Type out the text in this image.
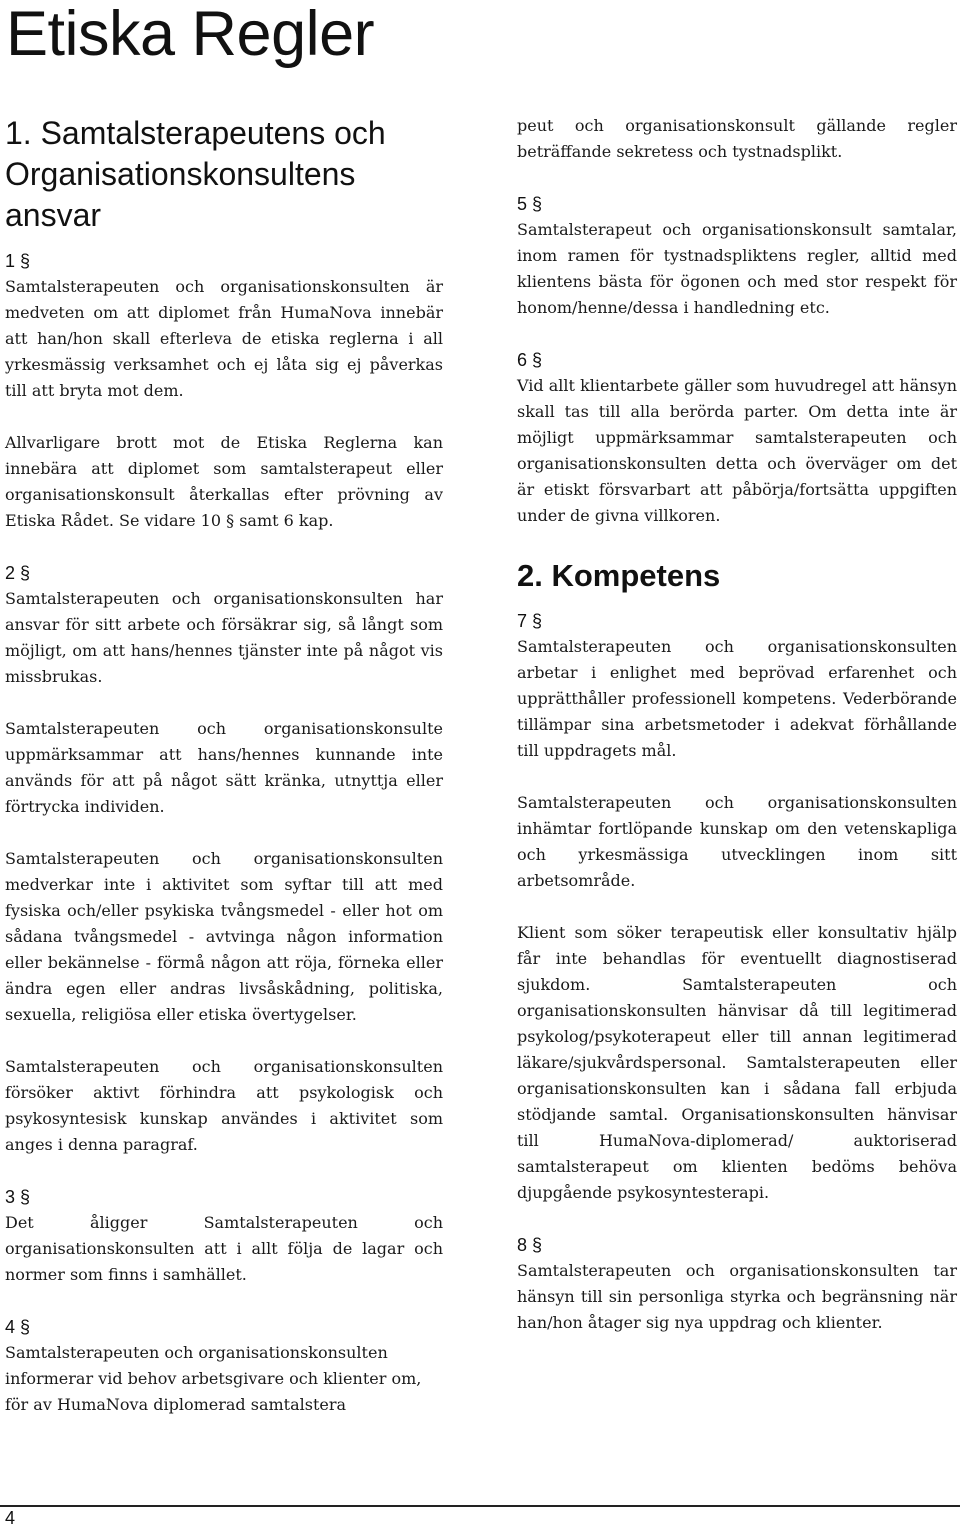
Etiska Regler
1. Samtalsterapeutens och Organisationskonsultens ansvar

1 §

Samtalsterapeuten och organisationskonsulten är medveten om att diplomet från HumaNova innebär att han/hon skall efterleva de etiska reglerna i all yrkesmässig verksamhet och ej låta sig ej påverkas till att bryta mot dem.

Allvarligare brott mot de Etiska Reglerna kan innebära att diplomet som samtalsterapeut eller organisationskonsult återkallas efter prövning av Etiska Rådet. Se vidare 10 § samt 6 kap.

2 §

Samtalsterapeuten och organisationskonsulten har ansvar för sitt arbete och försäkrar sig, så långt som möjligt, om att hans/hennes tjänster inte på något vis missbrukas.

Samtalsterapeuten och organisationskonsulte uppmärksammar att hans/hennes kunnande inte används för att på något sätt kränka, utnyttja eller förtrycka individen.

Samtalsterapeuten och organisationskonsulten medverkar inte i aktivitet som syftar till att med fysiska och/eller psykiska tvångsmedel - eller hot om sådana tvångsmedel - avtvinga någon information eller bekännelse - förmå någon att röja, förneka eller ändra egen eller andras livsåskådning, politiska, sexuella, religiösa eller etiska övertygelser.

Samtalsterapeuten och organisationskonsulten försöker aktivt förhindra att psykologisk och psykosyntesisk kunskap användes i aktivitet som anges i denna paragraf.

3 §

Det åligger Samtalsterapeuten och organisationskonsulten att i allt följa de lagar och normer som finns i samhället.

4 §

Samtalsterapeuten och organisationskonsulten informerar vid behov arbetsgivare och klienter om, för av HumaNova diplomerad samtalstera

peut och organisationskonsult gällande regler beträffande sekretess och tystnadsplikt.

5 §

Samtalsterapeut och organisationskonsult samtalar, inom ramen för tystnadspliktens regler, alltid med klientens bästa för ögonen och med stor respekt för honom/henne/dessa i handledning etc.

6 §

Vid allt klientarbete gäller som huvudregel att hänsyn skall tas till alla berörda parter. Om detta inte är möjligt uppmärksammar samtalsterapeuten och organisationskonsulten detta och överväger om det är etiskt försvarbart att påbörja/fortsätta uppgiften under de givna villkoren.

2. Kompetens

7 §

Samtalsterapeuten och organisationskonsulten arbetar i enlighet med beprövad erfarenhet och upprätthåller professionell kompetens. Vederbörande tillämpar sina arbetsmetoder i adekvat förhållande till uppdragets mål.

Samtalsterapeuten och organisationskonsulten inhämtar fortlöpande kunskap om den vetenskapliga och yrkesmässiga utvecklingen inom sitt arbetsområde.

Klient som söker terapeutisk eller konsultativ hjälp får inte behandlas för eventuellt diagnostiserad sjukdom. Samtalsterapeuten och organisationskonsulten hänvisar då till legitimerad psykolog/psykoterapeut eller till annan legitimerad läkare/sjukvårdspersonal. Samtalsterapeuten eller organisationskonsulten kan i sådana fall erbjuda stödjande samtal. Organisationskonsulten hänvisar till HumaNova-diplomerad/ auktoriserad samtalsterapeut om klienten bedöms behöva djupgående psykosyntesterapi.

8 §

Samtalsterapeuten och organisationskonsulten tar hänsyn till sin personliga styrka och begränsning när han/hon åtager sig nya uppdrag och klienter.

4
